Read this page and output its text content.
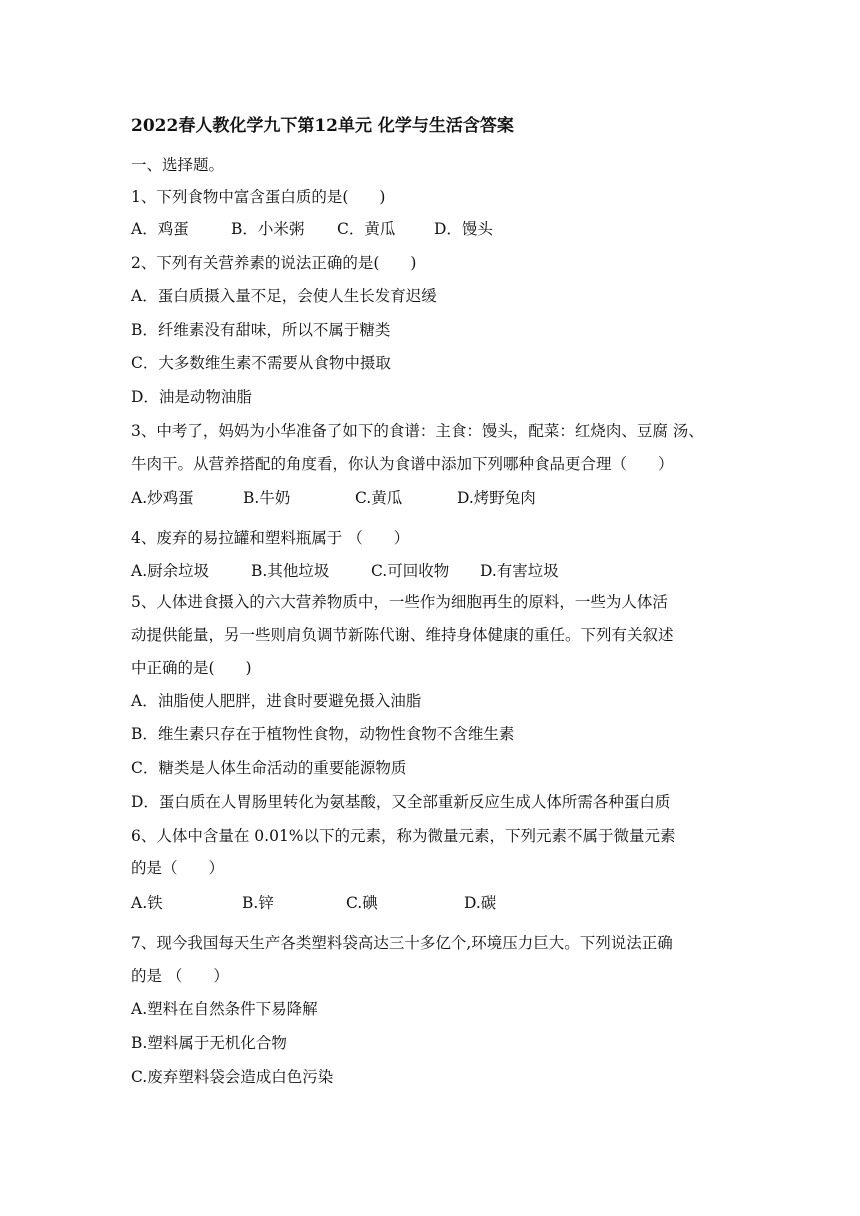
2022春人教化学九下第12单元 化学与生活含答案
一、选择题。
1、下列食物中富含蛋白质的是(　　)
A．鸡蛋	B．小米粥 C．黄瓜 D．馒头
2、下列有关营养素的说法正确的是(　　)
A．蛋白质摄入量不足，会使人生长发育迟缓
B．纤维素没有甜味，所以不属于糖类
C．大多数维生素不需要从食物中摄取
D．油是动物油脂
3、中考了，妈妈为小华准备了如下的食谱：主食：馒头，配菜：红烧肉、豆腐 汤、
牛肉干。从营养搭配的角度看，你认为食谱中添加下列哪种食品更合理（　　）
A.炒鸡蛋	B.牛奶	C.黄瓜	D.烤野兔肉
4、废弃的易拉罐和塑料瓶属于 （　　）
A.厨余垃圾	B.其他垃圾	C.可回收物 D.有害垃圾
5、人体进食摄入的六大营养物质中，一些作为细胞再生的原料，一些为人体活
动提供能量，另一些则肩负调节新陈代谢、维持身体健康的重任。下列有关叙述
中正确的是(　　)
A．油脂使人肥胖，进食时要避免摄入油脂
B．维生素只存在于植物性食物，动物性食物不含维生素
C．糖类是人体生命活动的重要能源物质
D．蛋白质在人胃肠里转化为氨基酸，又全部重新反应生成人体所需各种蛋白质
6、人体中含量在 0.01%以下的元素，称为微量元素，下列元素不属于微量元素
的是（　　）
A.铁	B.锌	C.碘	D.碳
7、现今我国每天生产各类塑料袋高达三十多亿个,环境压力巨大。下列说法正确
的是 （　　）
A.塑料在自然条件下易降解
B.塑料属于无机化合物
C.废弃塑料袋会造成白色污染
